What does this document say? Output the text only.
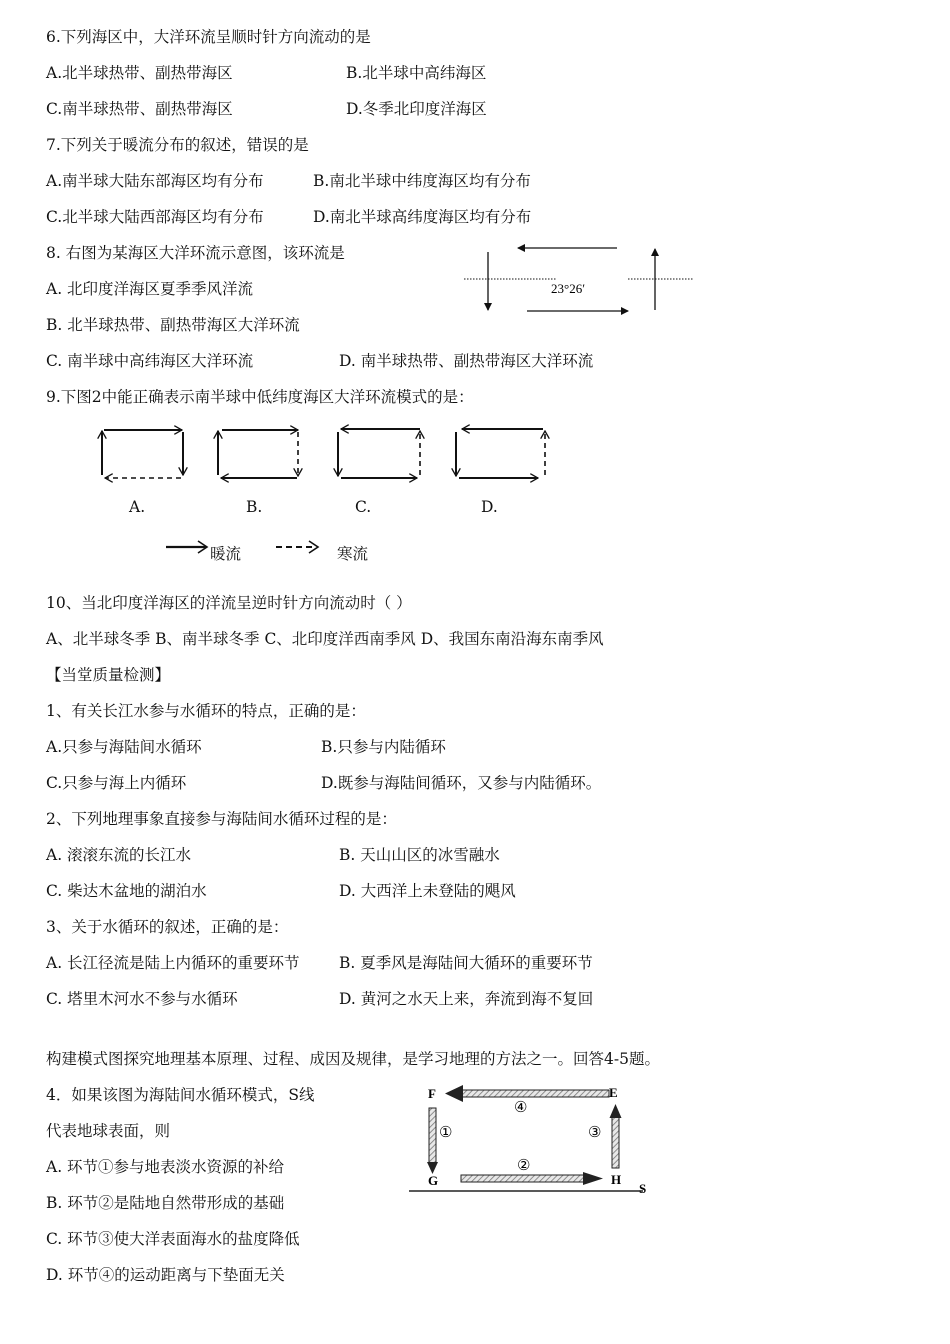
6.下列海区中，大洋环流呈顺时针方向流动的是
A.北半球热带、副热带海区	B.北半球中高纬海区
C.南半球热带、副热带海区	D.冬季北印度洋海区
7.下列关于暖流分布的叙述，错误的是
A.南半球大陆东部海区均有分布	B.南北半球中纬度海区均有分布
C.北半球大陆西部海区均有分布	D.南北半球高纬度海区均有分布
8. 右图为某海区大洋环流示意图，该环流是
A. 北印度洋海区夏季季风洋流
B. 北半球热带、副热带海区大洋环流
C. 南半球中高纬海区大洋环流	D. 南半球热带、副热带海区大洋环流
23°26′
9.下图2中能正确表示南半球中低纬度海区大洋环流模式的是：
A.	B.	C.	D.
暖流	寒流
10、当北印度洋海区的洋流呈逆时针方向流动时（ ）
A、北半球冬季 B、南半球冬季 C、北印度洋西南季风 D、我国东南沿海东南季风
【当堂质量检测】
1、有关长江水参与水循环的特点，正确的是：
A.只参与海陆间水循环	B.只参与内陆循环
C.只参与海上内循环	D.既参与海陆间循环，又参与内陆循环。
2、下列地理事象直接参与海陆间水循环过程的是：
A. 滚滚东流的长江水	B. 天山山区的冰雪融水
C. 柴达木盆地的湖泊水	D. 大西洋上未登陆的飓风
3、关于水循环的叙述，正确的是：
A. 长江径流是陆上内循环的重要环节	B. 夏季风是海陆间大循环的重要环节
C. 塔里木河水不参与水循环	D. 黄河之水天上来，奔流到海不复回
构建模式图探究地理基本原理、过程、成因及规律，是学习地理的方法之一。回答4-5题。
4．如果该图为海陆间水循环模式，S线
代表地球表面，则
A. 环节①参与地表淡水资源的补给
B. 环节②是陆地自然带形成的基础
C. 环节③使大洋表面海水的盐度降低
D. 环节④的运动距离与下垫面无关
F	E
G	H
S
④
①
②
③
